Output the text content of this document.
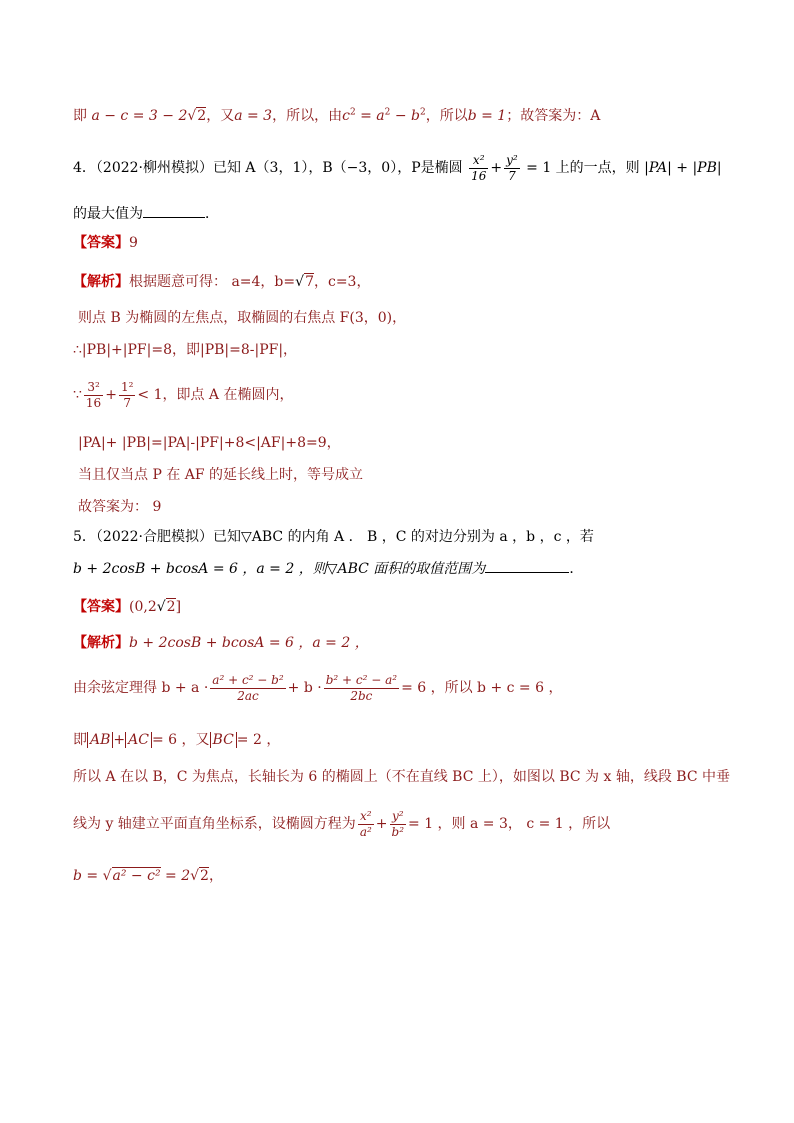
即 a − c = 3 − 2√2，又a = 3，所以，由$c^2 = a^2 - b^2$，所以b = 1；故答案为：A
4．（2022·柳州模拟）已知 A（3，1），B（−3，0），P是椭圆 $\frac{\text{x²}}{16} + \frac{\text{y²}}{7} = 1$ 上的一点，则 |PA| + |PB|
的最大值为	．
【答案】9
【解析】根据题意可得： a=4，b=√7，c=3，
则点 B 为椭圆的左焦点，取椭圆的右焦点 F(3，0)，
∴|PB|+|PF|=8，即|PB|=8-|PF|，
∵ $\frac{\text{3²}}{16} + \frac{\text{1²}}{7} < 1$，即点 A 在椭圆内，
|PA|+ |PB|=|PA|-|PF|+8<|AF|+8=9，
当且仅当点 P 在 AF 的延长线上时，等号成立
故答案为： 9
5．（2022·合肥模拟）已知▽ABC 的内角 A ． B ，C 的对边分别为 a ，b ，c ，若
b + 2cosB + bcosA = 6 ，a = 2 ，则▽ABC 面积的取值范围为	．
【答案】(0,2√2]
【解析】b + 2cosB + bcosA = 6 ，a = 2 ，
由余弦定理得 $b + a \cdot \frac{\text{a² + c² − b²}}{2ac} + b \cdot \frac{\text{b² + c² − a²}}{2bc} = 6$ ，所以 b + c = 6 ，
即 AB + AC = 6 ，又 BC = 2 ，
所以 A 在以 B，C 为焦点，长轴长为 6 的椭圆上（不在直线 BC 上），如图以 BC 为 x 轴，线段 BC 中垂
线为 y 轴建立平面直角坐标系，设椭圆方程为 $\frac{\text{x²}}{\text{a²}} + \frac{\text{y²}}{\text{b²}} = 1$ ，则 a = 3， c = 1 ，所以
b = √a² − c² = 2√2，
